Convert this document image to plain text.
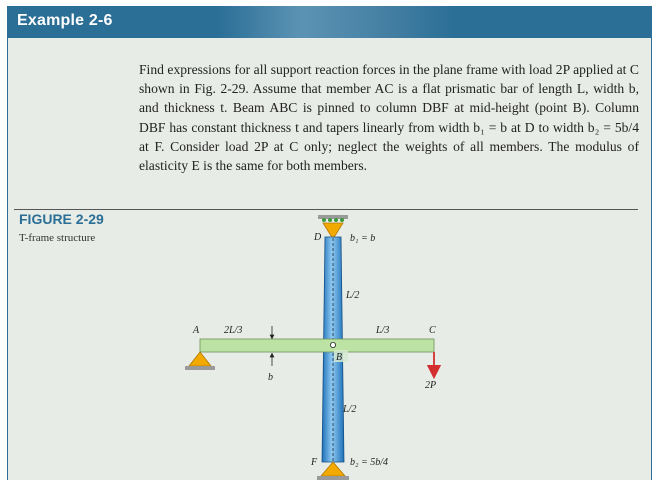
Example 2-6

Find expressions for all support reaction forces in the plane frame with load 2P applied at C shown in Fig. 2-29. Assume that member AC is a flat prismatic bar of length L, width b, and thickness t. Beam ABC is pinned to column DBF at mid-height (point B). Column DBF has constant thickness t and tapers linearly from width b₁ = b at D to width b₂ = 5b/4 at F. Consider load 2P at C only; neglect the weights of all members. The modulus of elasticity E is the same for both members.

FIGURE 2-29
T-frame structure	D	b₁ = b
L/2
A 2L/3	L/3	C
B
b
2P
L/2
F	b₂ = 5b/4
